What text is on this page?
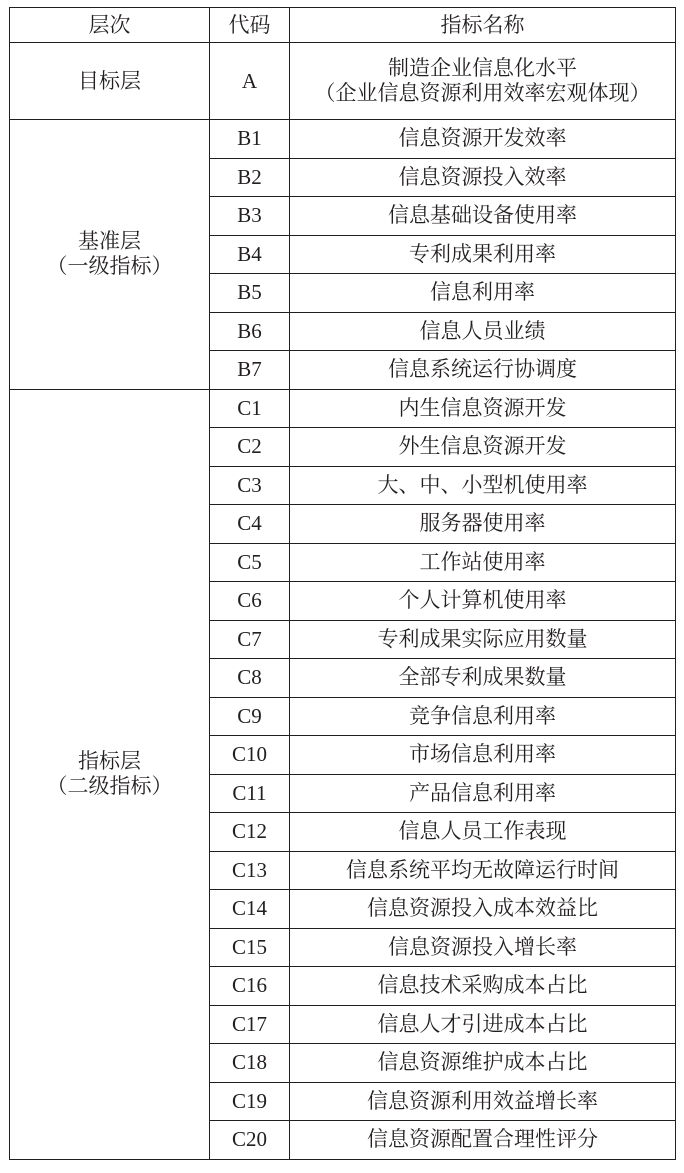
层次	代码	指标名称

目标层	A	制造企业信息化水平
（企业信息资源利用效率宏观体现）

基准层
（一级指标）	B1	信息资源开发效率
	B2	信息资源投入效率
	B3	信息基础设备使用率
	B4	专利成果利用率
	B5	信息利用率
	B6	信息人员业绩
	B7	信息系统运行协调度

指标层
（二级指标）	C1	内生信息资源开发
	C2	外生信息资源开发
	C3	大、中、小型机使用率
	C4	服务器使用率
	C5	工作站使用率
	C6	个人计算机使用率
	C7	专利成果实际应用数量
	C8	全部专利成果数量
	C9	竞争信息利用率
	C10	市场信息利用率
	C11	产品信息利用率
	C12	信息人员工作表现
	C13	信息系统平均无故障运行时间
	C14	信息资源投入成本效益比
	C15	信息资源投入增长率
	C16	信息技术采购成本占比
	C17	信息人才引进成本占比
	C18	信息资源维护成本占比
	C19	信息资源利用效益增长率
	C20	信息资源配置合理性评分
